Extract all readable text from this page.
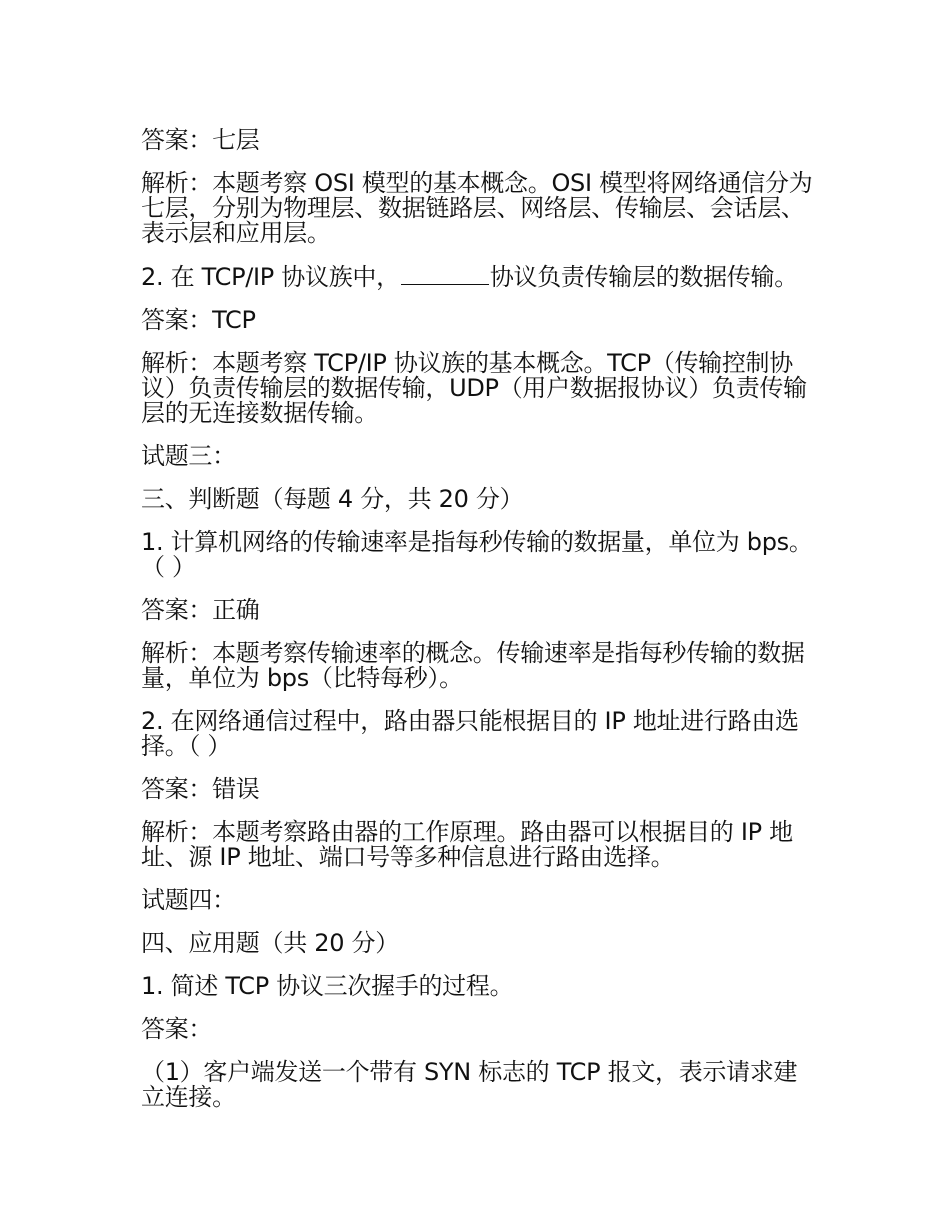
答案：七层

解析：本题考察 OSI 模型的基本概念。OSI 模型将网络通信分为七层，分别为物理层、数据链路层、网络层、传输层、会话层、表示层和应用层。

2. 在 TCP/IP 协议族中，	协议负责传输层的数据传输。

答案：TCP

解析：本题考察 TCP/IP 协议族的基本概念。TCP（传输控制协议）负责传输层的数据传输，UDP（用户数据报协议）负责传输层的无连接数据传输。

试题三：

三、判断题（每题 4 分，共 20 分）

1. 计算机网络的传输速率是指每秒传输的数据量，单位为 bps。（ ）

答案：正确

解析：本题考察传输速率的概念。传输速率是指每秒传输的数据量，单位为 bps（比特每秒）。

2. 在网络通信过程中，路由器只能根据目的 IP 地址进行路由选择。（ ）

答案：错误

解析：本题考察路由器的工作原理。路由器可以根据目的 IP 地址、源 IP 地址、端口号等多种信息进行路由选择。

试题四：

四、应用题（共 20 分）

1. 简述 TCP 协议三次握手的过程。

答案：

（1）客户端发送一个带有 SYN 标志的 TCP 报文，表示请求建立连接。
